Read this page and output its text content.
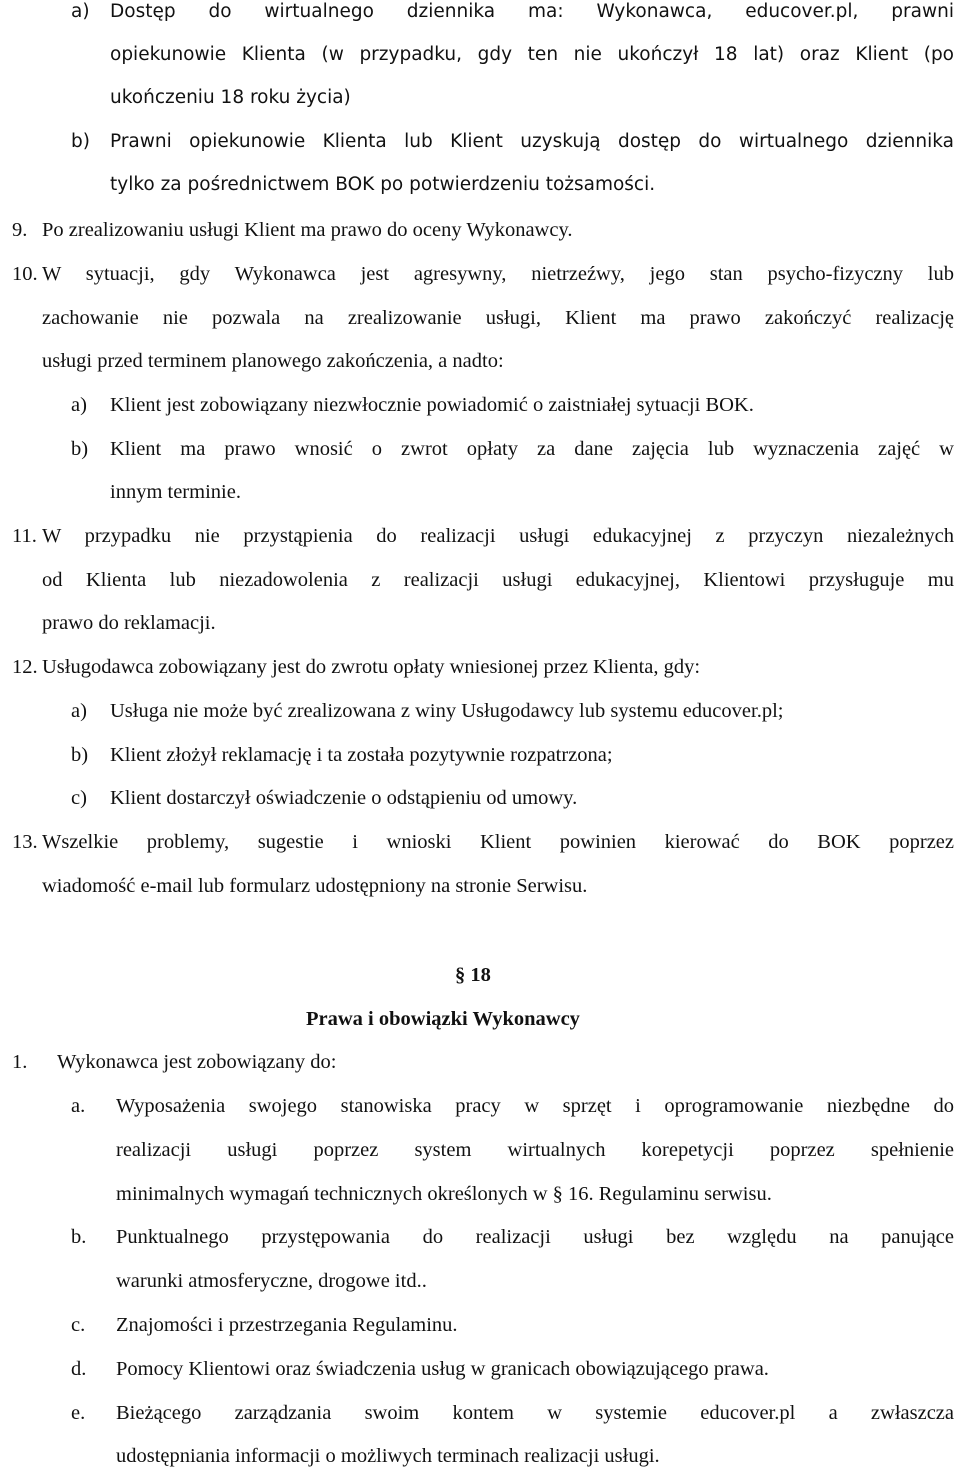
a) Dostęp do wirtualnego dziennika ma: Wykonawca, educover.pl, prawni
opiekunowie Klienta (w przypadku, gdy ten nie ukończył 18 lat) oraz Klient (po
ukończeniu 18 roku życia)
b) Prawni opiekunowie Klienta lub Klient uzyskują dostęp do wirtualnego dziennika
tylko za pośrednictwem BOK po potwierdzeniu tożsamości.
9. Po zrealizowaniu usługi Klient ma prawo do oceny Wykonawcy.
10. W sytuacji, gdy Wykonawca jest agresywny, nietrzeźwy, jego stan psycho-fizyczny lub
zachowanie nie pozwala na zrealizowanie usługi, Klient ma prawo zakończyć realizację
usługi przed terminem planowego zakończenia, a nadto:
a) Klient jest zobowiązany niezwłocznie powiadomić o zaistniałej sytuacji BOK.
b) Klient ma prawo wnosić o zwrot opłaty za dane zajęcia lub wyznaczenia zajęć w
innym terminie.
11. W przypadku nie przystąpienia do realizacji usługi edukacyjnej z przyczyn niezależnych
od Klienta lub niezadowolenia z realizacji usługi edukacyjnej, Klientowi przysługuje mu
prawo do reklamacji.
12. Usługodawca zobowiązany jest do zwrotu opłaty wniesionej przez Klienta, gdy:
a) Usługa nie może być zrealizowana z winy Usługodawcy lub systemu educover.pl;
b) Klient złożył reklamację i ta została pozytywnie rozpatrzona;
c) Klient dostarczył oświadczenie o odstąpieniu od umowy.
13. Wszelkie problemy, sugestie i wnioski Klient powinien kierować do BOK poprzez
wiadomość e-mail lub formularz udostępniony na stronie Serwisu.
§ 18
Prawa i obowiązki Wykonawcy
1. Wykonawca jest zobowiązany do:
a. Wyposażenia swojego stanowiska pracy w sprzęt i oprogramowanie niezbędne do
realizacji usługi poprzez system wirtualnych korepetycji poprzez spełnienie
minimalnych wymagań technicznych określonych w § 16. Regulaminu serwisu.
b. Punktualnego przystępowania do realizacji usługi bez względu na panujące
warunki atmosferyczne, drogowe itd..
c. Znajomości i przestrzegania Regulaminu.
d. Pomocy Klientowi oraz świadczenia usług w granicach obowiązującego prawa.
e. Bieżącego zarządzania swoim kontem w systemie educover.pl a zwłaszcza
udostępniania informacji o możliwych terminach realizacji usługi.
